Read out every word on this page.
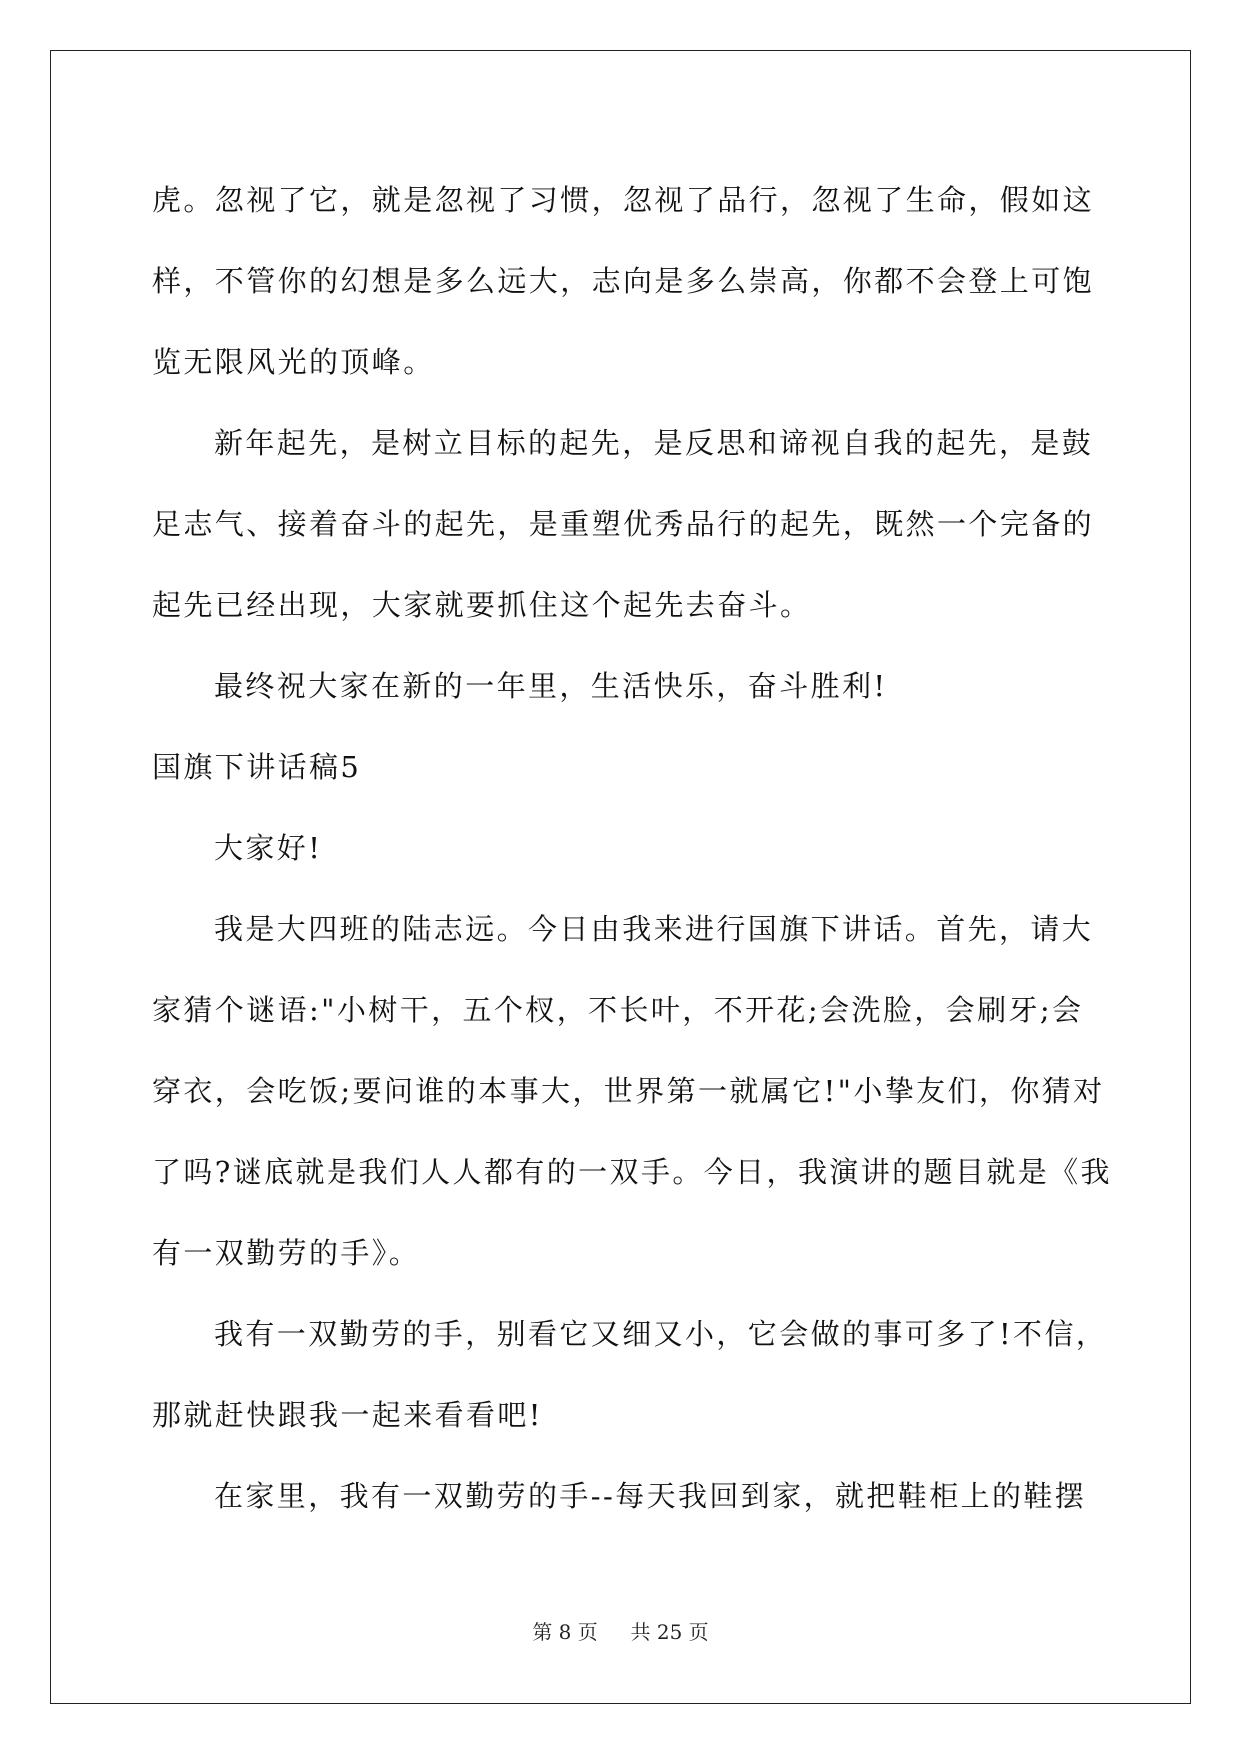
虎。忽视了它，就是忽视了习惯，忽视了品行，忽视了生命，假如这
样，不管你的幻想是多么远大，志向是多么崇高，你都不会登上可饱
览无限风光的顶峰。
新年起先，是树立目标的起先，是反思和谛视自我的起先，是鼓
足志气、接着奋斗的起先，是重塑优秀品行的起先，既然一个完备的
起先已经出现，大家就要抓住这个起先去奋斗。
最终祝大家在新的一年里，生活快乐，奋斗胜利!
国旗下讲话稿5
大家好!
我是大四班的陆志远。今日由我来进行国旗下讲话。首先，请大
家猜个谜语:"小树干，五个杈，不长叶，不开花;会洗脸，会刷牙;会
穿衣，会吃饭;要问谁的本事大，世界第一就属它!"小挚友们，你猜对
了吗?谜底就是我们人人都有的一双手。今日，我演讲的题目就是《我
有一双勤劳的手》。
我有一双勤劳的手，别看它又细又小，它会做的事可多了!不信，
那就赶快跟我一起来看看吧!
在家里，我有一双勤劳的手--每天我回到家，就把鞋柜上的鞋摆
第 8 页 共 25 页
